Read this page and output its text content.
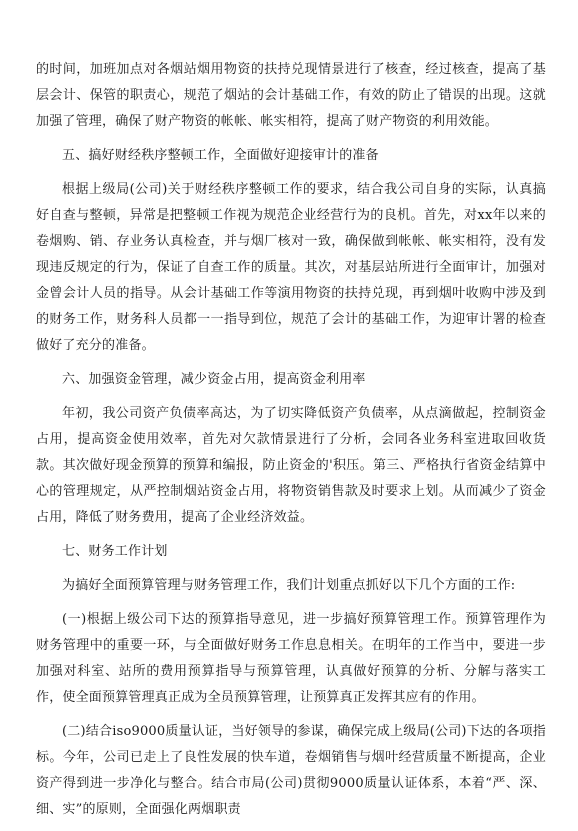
的时间，加班加点对各烟站烟用物资的扶持兑现情景进行了核查，经过核查，提高了基层会计、保管的职责心，规范了烟站的会计基础工作，有效的防止了错误的出现。这就加强了管理，确保了财产物资的帐帐、帐实相符，提高了财产物资的利用效能。

五、搞好财经秩序整顿工作，全面做好迎接审计的准备

根据上级局(公司)关于财经秩序整顿工作的要求，结合我公司自身的实际，认真搞好自查与整顿，异常是把整顿工作视为规范企业经营行为的良机。首先，对xx年以来的卷烟购、销、存业务认真检查，并与烟厂核对一致，确保做到帐帐、帐实相符，没有发现违反规定的行为，保证了自查工作的质量。其次，对基层站所进行全面审计，加强对金曾会计人员的指导。从会计基础工作等演用物资的扶持兑现，再到烟叶收购中涉及到的财务工作，财务科人员都一一指导到位，规范了会计的基础工作，为迎审计署的检查做好了充分的准备。

六、加强资金管理，减少资金占用，提高资金利用率

年初，我公司资产负债率高达，为了切实降低资产负债率，从点滴做起，控制资金占用，提高资金使用效率，首先对欠款情景进行了分析，会同各业务科室进取回收货款。其次做好现金预算的预算和编报，防止资金的'积压。第三、严格执行省资金结算中心的管理规定，从严控制烟站资金占用，将物资销售款及时要求上划。从而减少了资金占用，降低了财务费用，提高了企业经济效益。

七、财务工作计划

为搞好全面预算管理与财务管理工作，我们计划重点抓好以下几个方面的工作:

(一)根据上级公司下达的预算指导意见，进一步搞好预算管理工作。预算管理作为财务管理中的重要一环，与全面做好财务工作息息相关。在明年的工作当中，要进一步加强对科室、站所的费用预算指导与预算管理，认真做好预算的分析、分解与落实工作，使全面预算管理真正成为全员预算管理，让预算真正发挥其应有的作用。

(二)结合iso9000质量认证，当好领导的参谋，确保完成上级局(公司)下达的各项指标。今年，公司已走上了良性发展的快车道，卷烟销售与烟叶经营质量不断提高，企业资产得到进一步净化与整合。结合市局(公司)贯彻9000质量认证体系，本着“严、深、细、实”的原则，全面强化两烟职责
